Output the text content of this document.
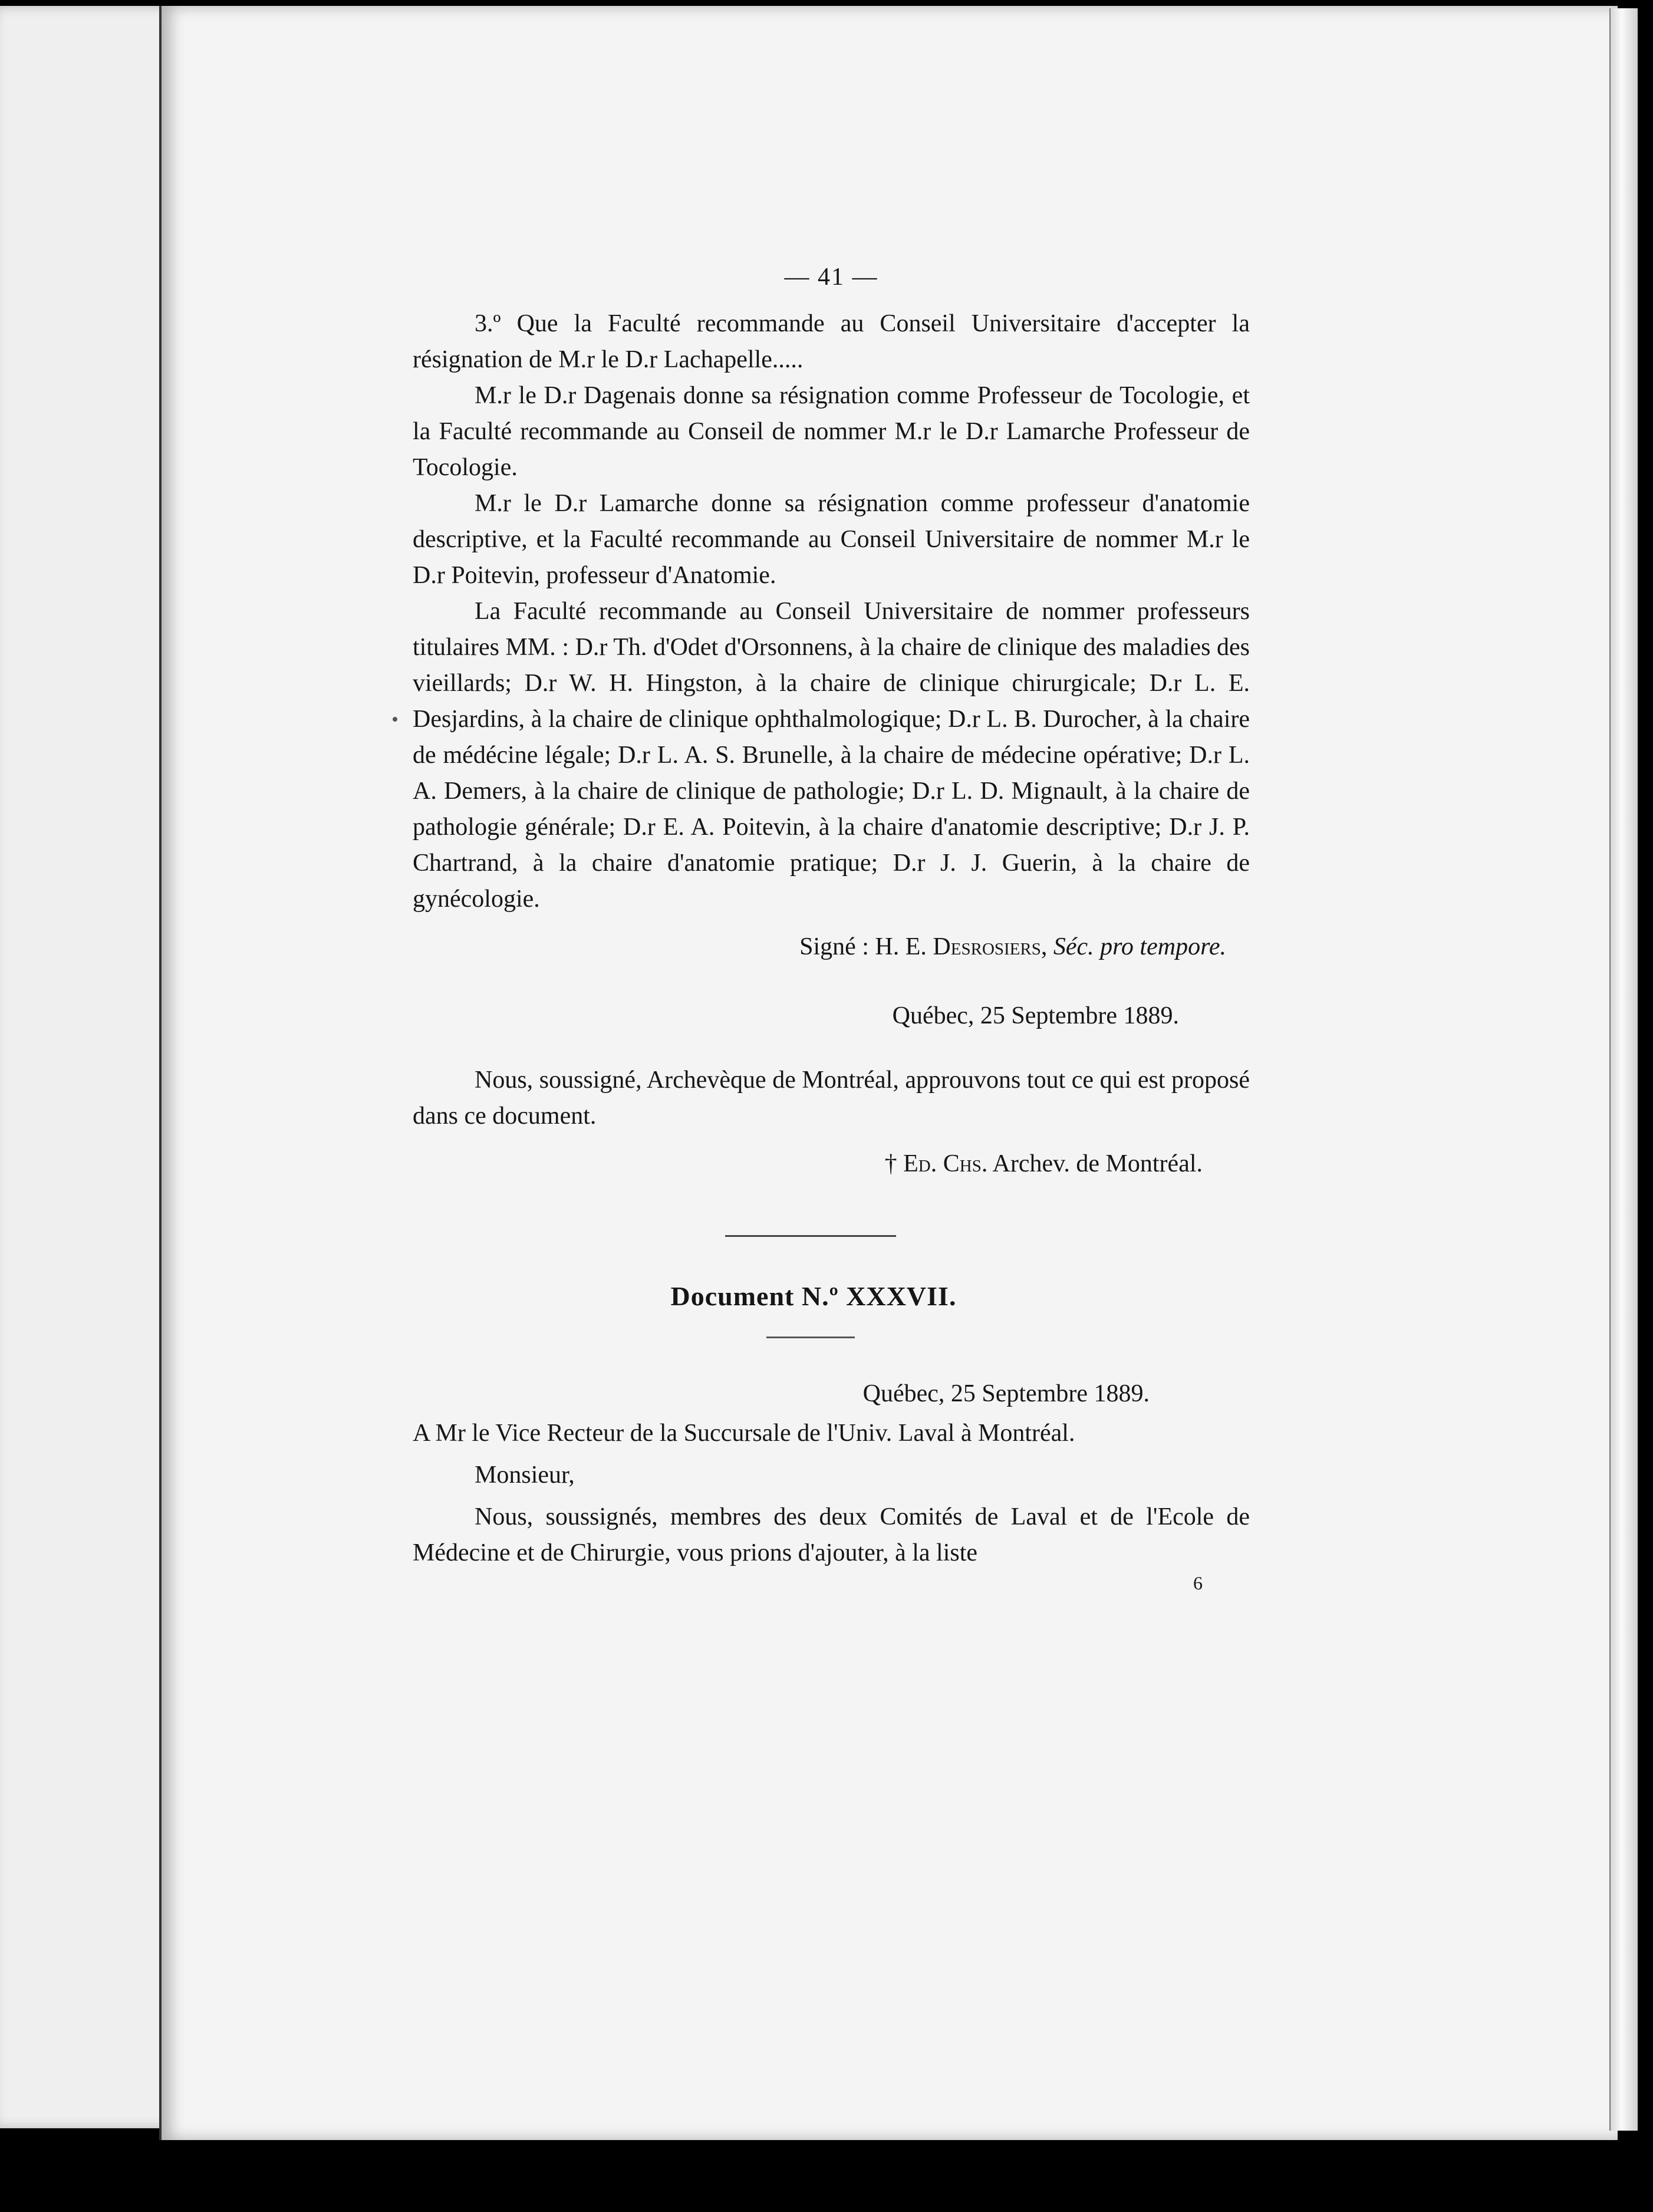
— 41 —

3.º Que la Faculté recommande au Conseil Universitaire d'accepter la résignation de M.r le D.r Lachapelle.....

M.r le D.r Dagenais donne sa résignation comme Professeur de Tocologie, et la Faculté recommande au Conseil de nommer M.r le D.r Lamarche Professeur de Tocologie.

M.r le D.r Lamarche donne sa résignation comme professeur d'anatomie descriptive, et la Faculté recommande au Conseil Universitaire de nommer M.r le D.r Poitevin, professeur d'Anatomie.

La Faculté recommande au Conseil Universitaire de nommer professeurs titulaires MM. : D.r Th. d'Odet d'Orsonnens, à la chaire de clinique des maladies des vieillards; D.r W. H. Hingston, à la chaire de clinique chirurgicale; D.r L. E. Desjardins, à la chaire de clinique ophthalmologique; D.r L. B. Durocher, à la chaire de médécine légale; D.r L. A. S. Brunelle, à la chaire de médecine opérative; D.r L. A. Demers, à la chaire de clinique de pathologie; D.r L. D. Mignault, à la chaire de pathologie générale; D.r E. A. Poitevin, à la chaire d'anatomie descriptive; D.r J. P. Chartrand, à la chaire d'anatomie pratique; D.r J. J. Guerin, à la chaire de gynécologie.

Signé : H. E. Desrosiers, Séc. pro tempore.

Québec, 25 Septembre 1889.

Nous, soussigné, Archevèque de Montréal, approuvons tout ce qui est proposé dans ce document.

† Ed. Chs. Archev. de Montréal.

Document N.º XXXVII.

Québec, 25 Septembre 1889.

A Mr le Vice Recteur de la Succursale de l'Univ. Laval à Montréal.

Monsieur,

Nous, soussignés, membres des deux Comités de Laval et de l'Ecole de Médecine et de Chirurgie, vous prions d'ajouter, à la liste

6
